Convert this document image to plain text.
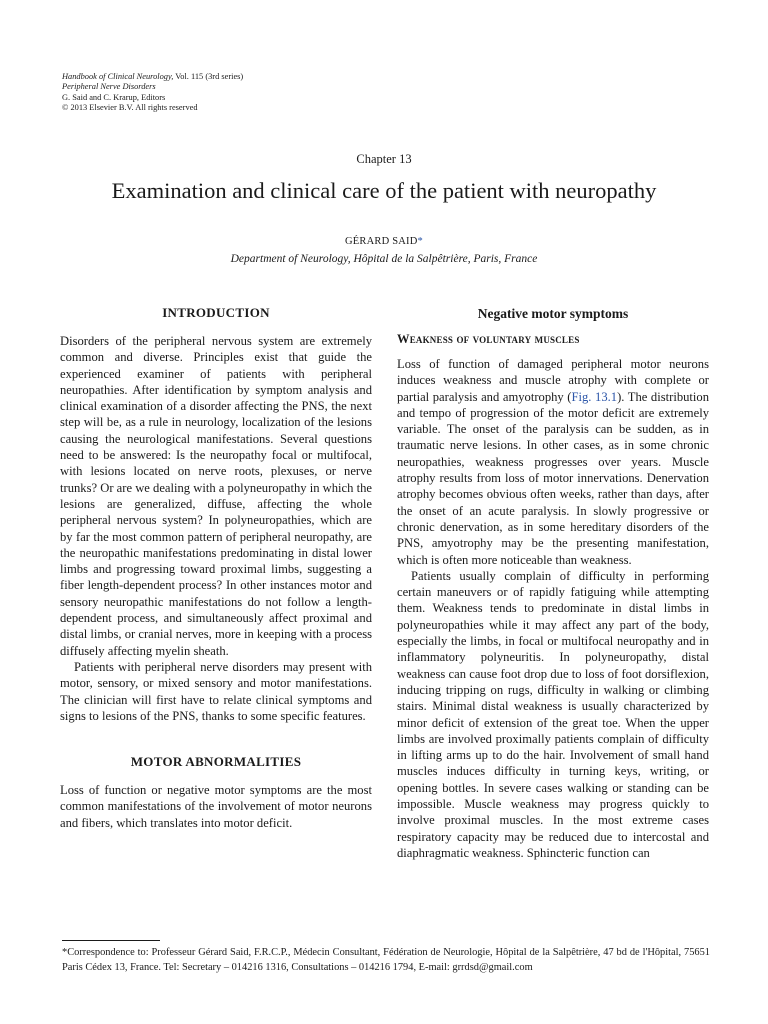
Handbook of Clinical Neurology, Vol. 115 (3rd series)
Peripheral Nerve Disorders
G. Said and C. Krarup, Editors
© 2013 Elsevier B.V. All rights reserved
Chapter 13
Examination and clinical care of the patient with neuropathy
GÉRARD SAID*
Department of Neurology, Hôpital de la Salpêtrière, Paris, France
INTRODUCTION

Disorders of the peripheral nervous system are extremely common and diverse. Principles exist that guide the experienced examiner of patients with peripheral neuropathies. After identification by symptom analysis and clinical examination of a disorder affecting the PNS, the next step will be, as a rule in neurology, localization of the lesions causing the neurological manifestations. Several questions need to be answered: Is the neuropathy focal or multifocal, with lesions located on nerve roots, plexuses, or nerve trunks? Or are we dealing with a polyneuropathy in which the lesions are generalized, diffuse, affecting the whole peripheral nervous system? In polyneuropathies, which are by far the most common pattern of peripheral neuropathy, are the neuropathic manifestations predominating in distal lower limbs and progressing toward proximal limbs, suggesting a fiber length-dependent process? In other instances motor and sensory neuropathic manifestations do not follow a length-dependent process, and simultaneously affect proximal and distal limbs, or cranial nerves, more in keeping with a process diffusely affecting myelin sheath.

Patients with peripheral nerve disorders may present with motor, sensory, or mixed sensory and motor manifestations. The clinician will first have to relate clinical symptoms and signs to lesions of the PNS, thanks to some specific features.

MOTOR ABNORMALITIES

Loss of function or negative motor symptoms are the most common manifestations of the involvement of motor neurons and fibers, which translates into motor deficit.

Negative motor symptoms
Weakness of voluntary muscles

Loss of function of damaged peripheral motor neurons induces weakness and muscle atrophy with complete or partial paralysis and amyotrophy (Fig. 13.1). The distribution and tempo of progression of the motor deficit are extremely variable. The onset of the paralysis can be sudden, as in traumatic nerve lesions. In other cases, as in some chronic neuropathies, weakness progresses over years. Muscle atrophy results from loss of motor innervations. Denervation atrophy becomes obvious often weeks, rather than days, after the onset of an acute paralysis. In slowly progressive or chronic denervation, as in some hereditary disorders of the PNS, amyotrophy may be the presenting manifestation, which is often more noticeable than weakness.

Patients usually complain of difficulty in performing certain maneuvers or of rapidly fatiguing while attempting them. Weakness tends to predominate in distal limbs in polyneuropathies while it may affect any part of the body, especially the limbs, in focal or multifocal neuropathy and in inflammatory polyneuritis. In polyneuropathy, distal weakness can cause foot drop due to loss of foot dorsiflexion, inducing tripping on rugs, difficulty in walking or climbing stairs. Minimal distal weakness is usually characterized by minor deficit of extension of the great toe. When the upper limbs are involved proximally patients complain of difficulty in lifting arms up to do the hair. Involvement of small hand muscles induces difficulty in turning keys, writing, or opening bottles. In severe cases walking or standing can be impossible. Muscle weakness may progress quickly to involve proximal muscles. In the most extreme cases respiratory capacity may be reduced due to intercostal and diaphragmatic weakness. Sphincteric function can

*Correspondence to: Professeur Gérard Said, F.R.C.P., Médecin Consultant, Fédération de Neurologie, Hôpital de la Salpêtrière, 47 bd de l'Hôpital, 75651 Paris Cédex 13, France. Tel: Secretary – 014216 1316, Consultations – 014216 1794, E-mail: grrdsd@gmail.com
